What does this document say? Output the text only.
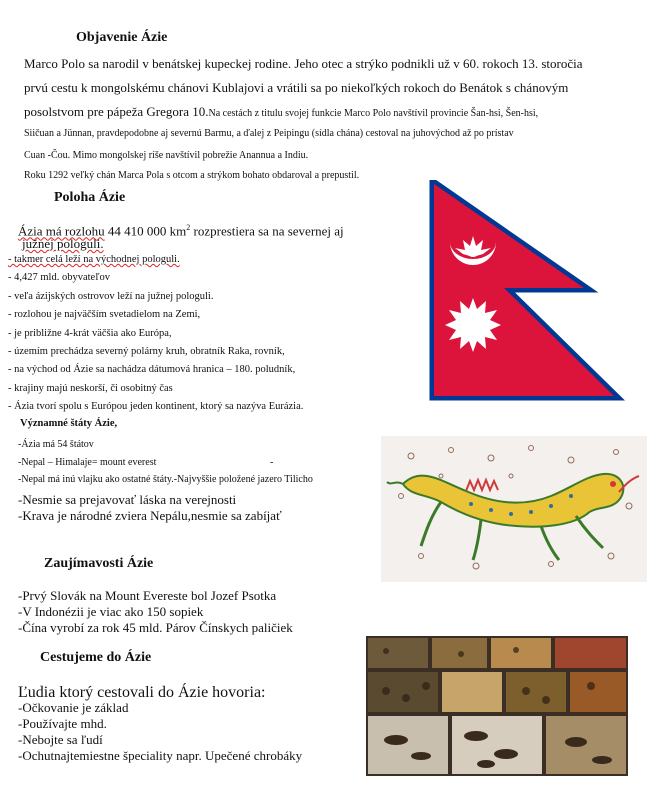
Objavenie Ázie
Marco Polo sa narodil v benátskej kupeckej rodine. Jeho otec a strýko podnikli už v 60. rokoch 13. storočia
prvú cestu k mongolskému chánovi Kublajovi a vrátili sa po niekoľkých rokoch do Benátok s chánovým
posolstvom pre pápeža Gregora 10.Na cestách z titulu svojej funkcie Marco Polo navštívil provincie Šan-hsi, Šen-hsi,
Siičuan a Jünnan, pravdepodobne aj severnú Barmu, a ďalej z Peipingu (sídla chána) cestoval na juhovýchod až po prístav
Cuan -Čou. Mimo mongolskej ríše navštívil pobrežie Anannua a Indiu.
Roku 1292 veľký chán Marca Pola s otcom a strýkom bohato obdaroval a prepustil.
Poloha Ázie
Ázia má rozlohu 44 410 000 $km^2$ rozprestiera sa na severnej aj
južnej pologuli.
- takmer celá leží na východnej pologuli.
- 4,427 mld. obyvateľov
- veľa ázijských ostrovov leží na južnej pologuli.
- rozlohou je najväčším svetadielom na Zemi,
- je približne 4-krát väčšia ako Európa,
- územím prechádza severný polárny kruh, obratník Raka, rovník,
- na východ od Ázie sa nachádza dátumová hranica – 180. poludník,
- krajiny majú neskorší, či osobitný čas
- Ázia tvorí spolu s Európou jeden kontinent, ktorý sa nazýva Eurázia.
Významné štáty Ázie,
-Ázia má 54 štátov
-Nepal – Himalaje= mount everest	-
-Nepal má inú vlajku ako ostatné štáty.-Najvyššie položené jazero Tilicho
-Nesmie sa prejavovať láska na verejnosti
-Krava je národné zviera Nepálu,nesmie sa zabíjať
Zaujímavosti Ázie
-Prvý Slovák na Mount Evereste bol Jozef Psotka
-V Indonézii je viac ako 150 sopiek
-Čína vyrobí za rok 45 mld. Párov Čínskych paličiek
Cestujeme do Ázie
Ľudia ktorý cestovali do Ázie hovoria:
-Očkovanie je základ
-Používajte mhd.
-Nebojte sa ľudí
-Ochutnajtemiestne špeciality napr. Upečené chrobáky
